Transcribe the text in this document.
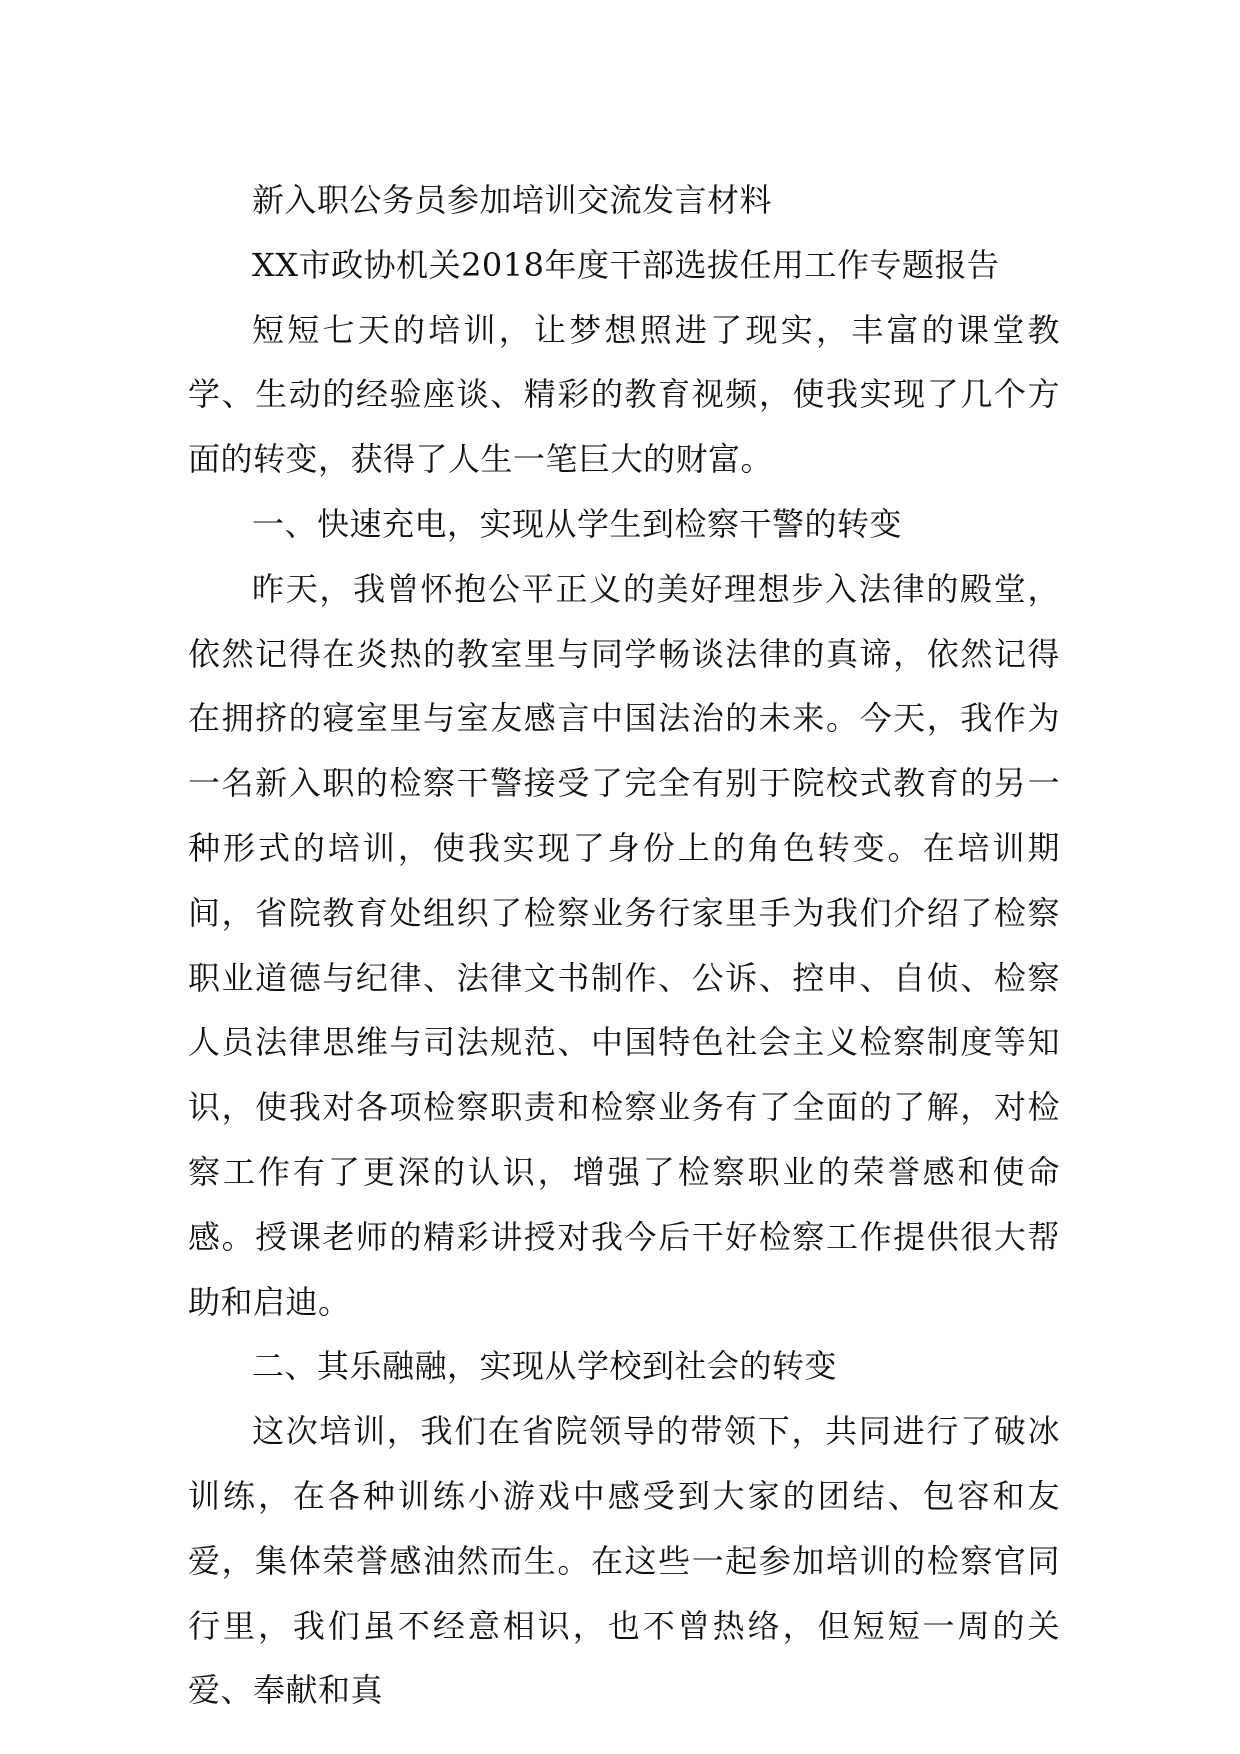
新入职公务员参加培训交流发言材料

XX市政协机关2018年度干部选拔任用工作专题报告

短短七天的培训，让梦想照进了现实，丰富的课堂教学、生动的经验座谈、精彩的教育视频，使我实现了几个方面的转变，获得了人生一笔巨大的财富。

一、快速充电，实现从学生到检察干警的转变

昨天，我曾怀抱公平正义的美好理想步入法律的殿堂，依然记得在炎热的教室里与同学畅谈法律的真谛，依然记得在拥挤的寝室里与室友感言中国法治的未来。今天，我作为一名新入职的检察干警接受了完全有别于院校式教育的另一种形式的培训，使我实现了身份上的角色转变。在培训期间，省院教育处组织了检察业务行家里手为我们介绍了检察职业道德与纪律、法律文书制作、公诉、控申、自侦、检察人员法律思维与司法规范、中国特色社会主义检察制度等知识，使我对各项检察职责和检察业务有了全面的了解，对检察工作有了更深的认识，增强了检察职业的荣誉感和使命感。授课老师的精彩讲授对我今后干好检察工作提供很大帮助和启迪。

二、其乐融融，实现从学校到社会的转变

这次培训，我们在省院领导的带领下，共同进行了破冰训练，在各种训练小游戏中感受到大家的团结、包容和友爱，集体荣誉感油然而生。在这些一起参加培训的检察官同行里，我们虽不经意相识，也不曾热络，但短短一周的关爱、奉献和真
